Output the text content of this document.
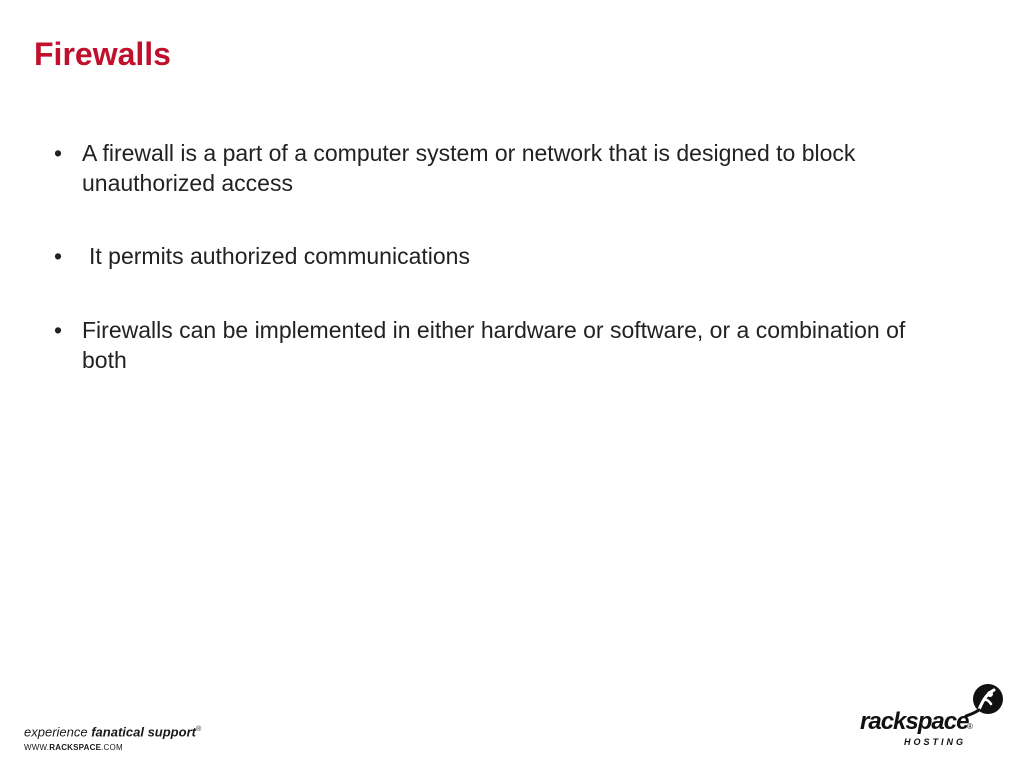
Firewalls
• A firewall is a part of a computer system or network that is designed to block unauthorized access
• It permits authorized communications
• Firewalls can be implemented in either hardware or software, or a combination of both
experience fanatical support®
WWW.RACKSPACE.COM
rackspace
®
HOSTING
